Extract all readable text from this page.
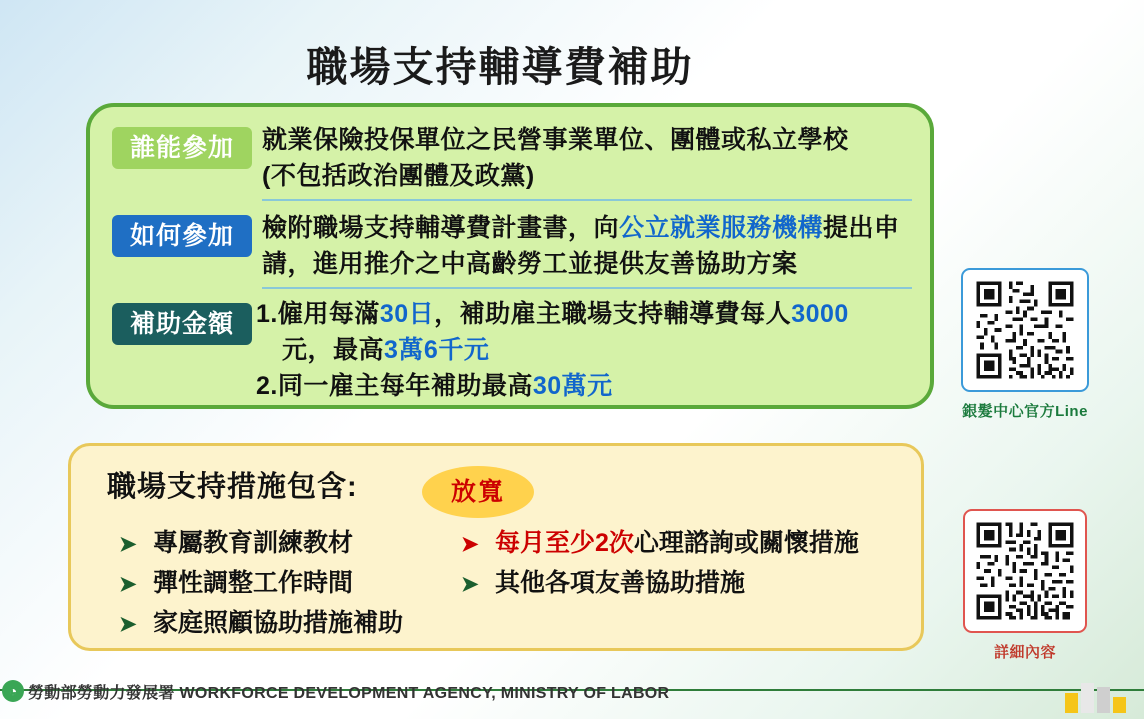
職場支持輔導費補助
誰能參加	就業保險投保單位之民營事業單位、團體或私立學校
(不包括政治團體及政黨)
如何參加	檢附職場支持輔導費計畫書，向公立就業服務機構提出申請，進用推介之中高齡勞工並提供友善協助方案
補助金額 1.僱用每滿30日，補助雇主職場支持輔導費每人3000
元，最高3萬6千元
2.同一雇主每年補助最高30萬元
職場支持措施包含:	放寬
➤ 專屬教育訓練教材
➤ 彈性調整工作時間
➤ 家庭照顧協助措施補助
➤ 每月至少2次心理諮詢或關懷措施
➤ 其他各項友善協助措施
銀髮中心官方Line
詳細內容
◔ 勞動部勞動力發展署 WORKFORCE DEVELOPMENT AGENCY, MINISTRY OF LABOR
